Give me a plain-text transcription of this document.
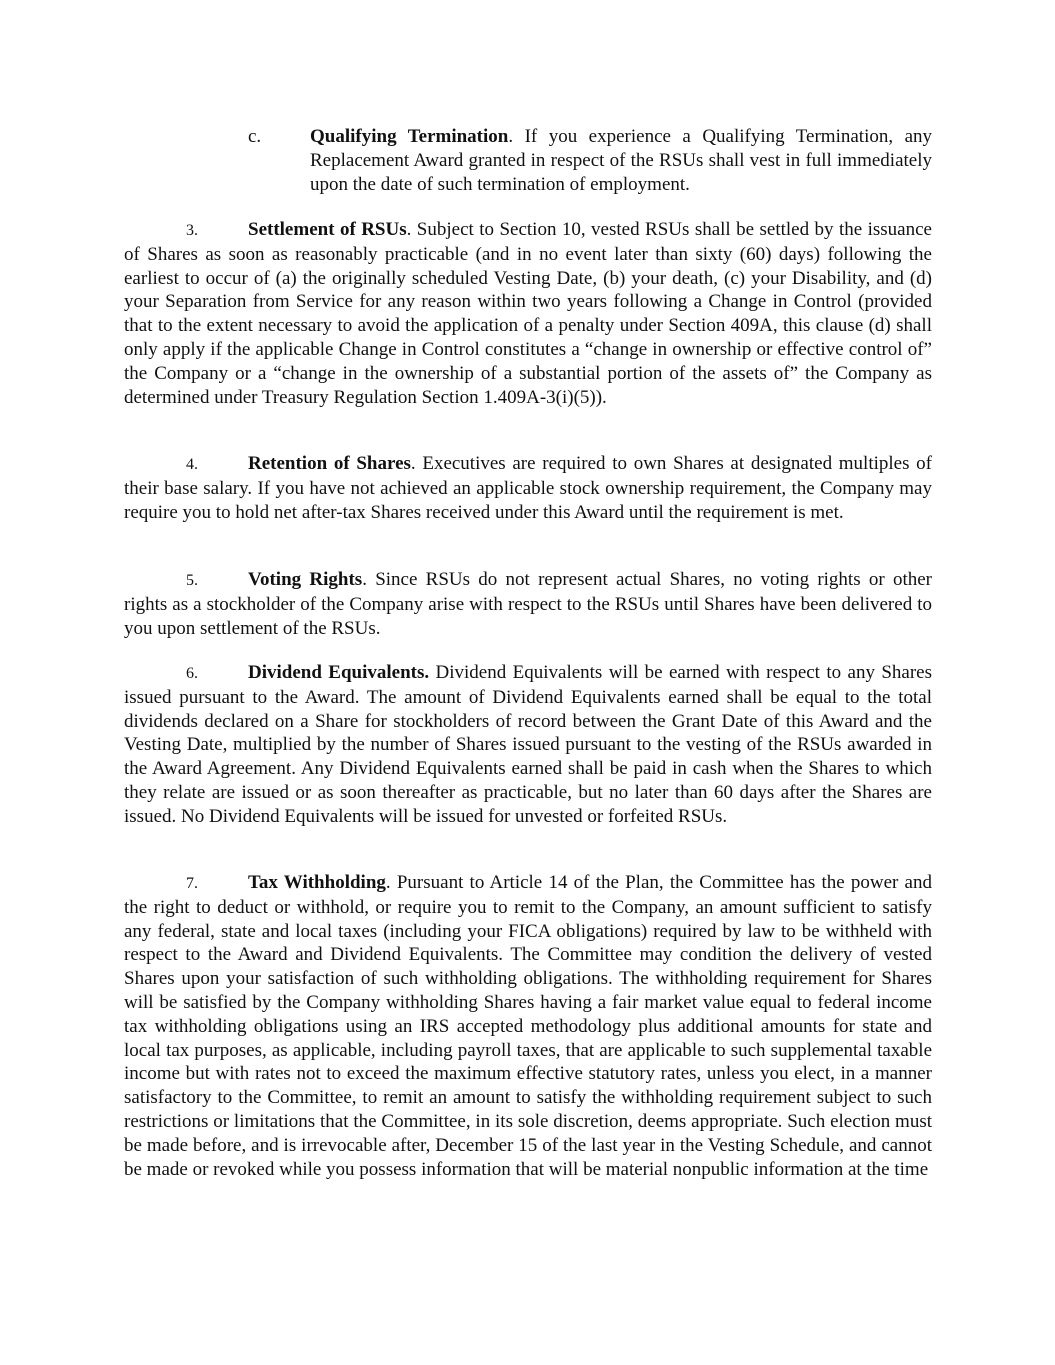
c.	Qualifying Termination. If you experience a Qualifying Termination, any Replacement Award granted in respect of the RSUs shall vest in full immediately upon the date of such termination of employment.
3.	Settlement of RSUs. Subject to Section 10, vested RSUs shall be settled by the issuance of Shares as soon as reasonably practicable (and in no event later than sixty (60) days) following the earliest to occur of (a) the originally scheduled Vesting Date, (b) your death, (c) your Disability, and (d) your Separation from Service for any reason within two years following a Change in Control (provided that to the extent necessary to avoid the application of a penalty under Section 409A, this clause (d) shall only apply if the applicable Change in Control constitutes a “change in ownership or effective control of” the Company or a “change in the ownership of a substantial portion of the assets of” the Company as determined under Treasury Regulation Section 1.409A-3(i)(5)).
4.	Retention of Shares. Executives are required to own Shares at designated multiples of their base salary. If you have not achieved an applicable stock ownership requirement, the Company may require you to hold net after-tax Shares received under this Award until the requirement is met.
5.	Voting Rights. Since RSUs do not represent actual Shares, no voting rights or other rights as a stockholder of the Company arise with respect to the RSUs until Shares have been delivered to you upon settlement of the RSUs.
6.	Dividend Equivalents. Dividend Equivalents will be earned with respect to any Shares issued pursuant to the Award. The amount of Dividend Equivalents earned shall be equal to the total dividends declared on a Share for stockholders of record between the Grant Date of this Award and the Vesting Date, multiplied by the number of Shares issued pursuant to the vesting of the RSUs awarded in the Award Agreement. Any Dividend Equivalents earned shall be paid in cash when the Shares to which they relate are issued or as soon thereafter as practicable, but no later than 60 days after the Shares are issued. No Dividend Equivalents will be issued for unvested or forfeited RSUs.
7.	Tax Withholding. Pursuant to Article 14 of the Plan, the Committee has the power and the right to deduct or withhold, or require you to remit to the Company, an amount sufficient to satisfy any federal, state and local taxes (including your FICA obligations) required by law to be withheld with respect to the Award and Dividend Equivalents. The Committee may condition the delivery of vested Shares upon your satisfaction of such withholding obligations. The withholding requirement for Shares will be satisfied by the Company withholding Shares having a fair market value equal to federal income tax withholding obligations using an IRS accepted methodology plus additional amounts for state and local tax purposes, as applicable, including payroll taxes, that are applicable to such supplemental taxable income but with rates not to exceed the maximum effective statutory rates, unless you elect, in a manner satisfactory to the Committee, to remit an amount to satisfy the withholding requirement subject to such restrictions or limitations that the Committee, in its sole discretion, deems appropriate. Such election must be made before, and is irrevocable after, December 15 of the last year in the Vesting Schedule, and cannot be made or revoked while you possess information that will be material nonpublic information at the time
